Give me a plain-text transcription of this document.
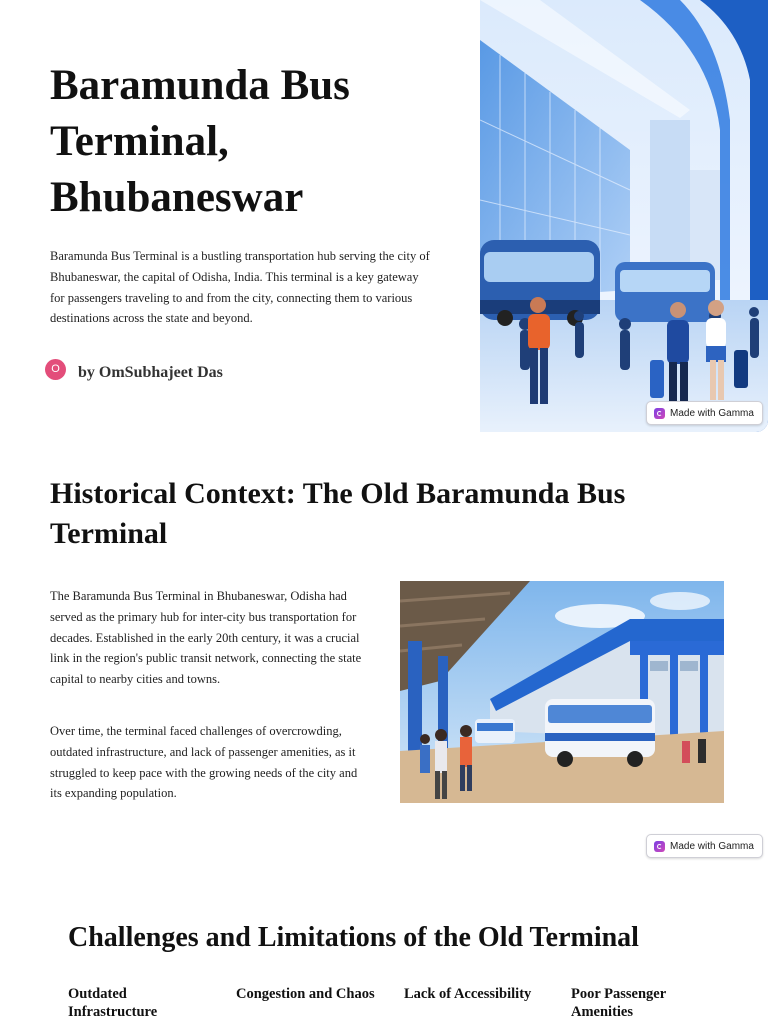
Baramunda Bus Terminal, Bhubaneswar

Baramunda Bus Terminal is a bustling transportation hub serving the city of Bhubaneswar, the capital of Odisha, India. This terminal is a key gateway for passengers traveling to and from the city, connecting them to various destinations across the state and beyond.

O	by OmSubhajeet Das
Made with Gamma
Historical Context: The Old Baramunda Bus Terminal

The Baramunda Bus Terminal in Bhubaneswar, Odisha had served as the primary hub for inter-city bus transportation for decades. Established in the early 20th century, it was a crucial link in the region's public transit network, connecting the state capital to nearby cities and towns.

Over time, the terminal faced challenges of overcrowding, outdated infrastructure, and lack of passenger amenities, as it struggled to keep pace with the growing needs of the city and its expanding population.

Made with Gamma
Challenges and Limitations of the Old Terminal
Outdated Infrastructure
Congestion and Chaos Lack of Accessibility	Poor Passenger Amenities
